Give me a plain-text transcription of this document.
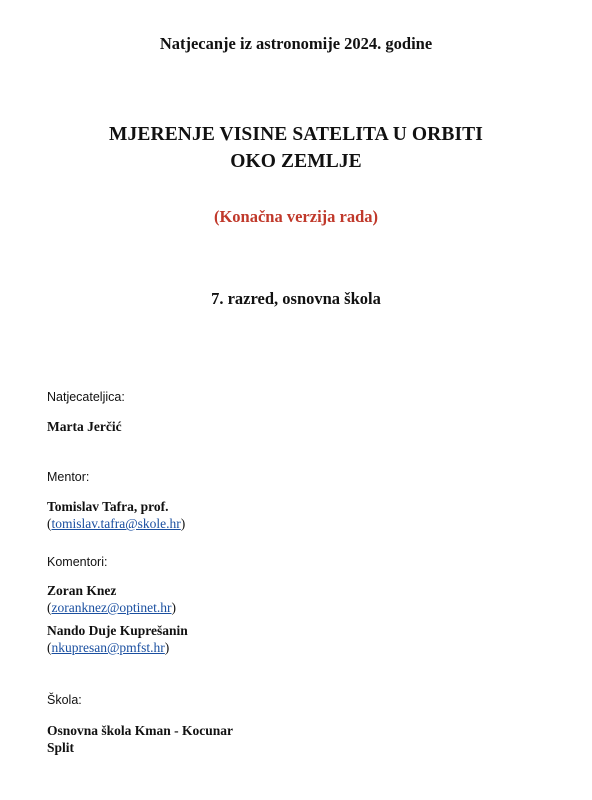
Natjecanje iz astronomije 2024. godine
MJERENJE VISINE SATELITA U ORBITI
OKO ZEMLJE
(Konačna verzija rada)
7. razred, osnovna škola
Natjecateljica:
Marta Jerčić
Mentor:
Tomislav Tafra, prof.
(tomislav.tafra@skole.hr)
Komentori:
Zoran Knez
(zoranknez@optinet.hr)
Nando Duje Kuprešanin
(nkupresan@pmfst.hr)
Škola:
Osnovna škola Kman - Kocunar
Split
